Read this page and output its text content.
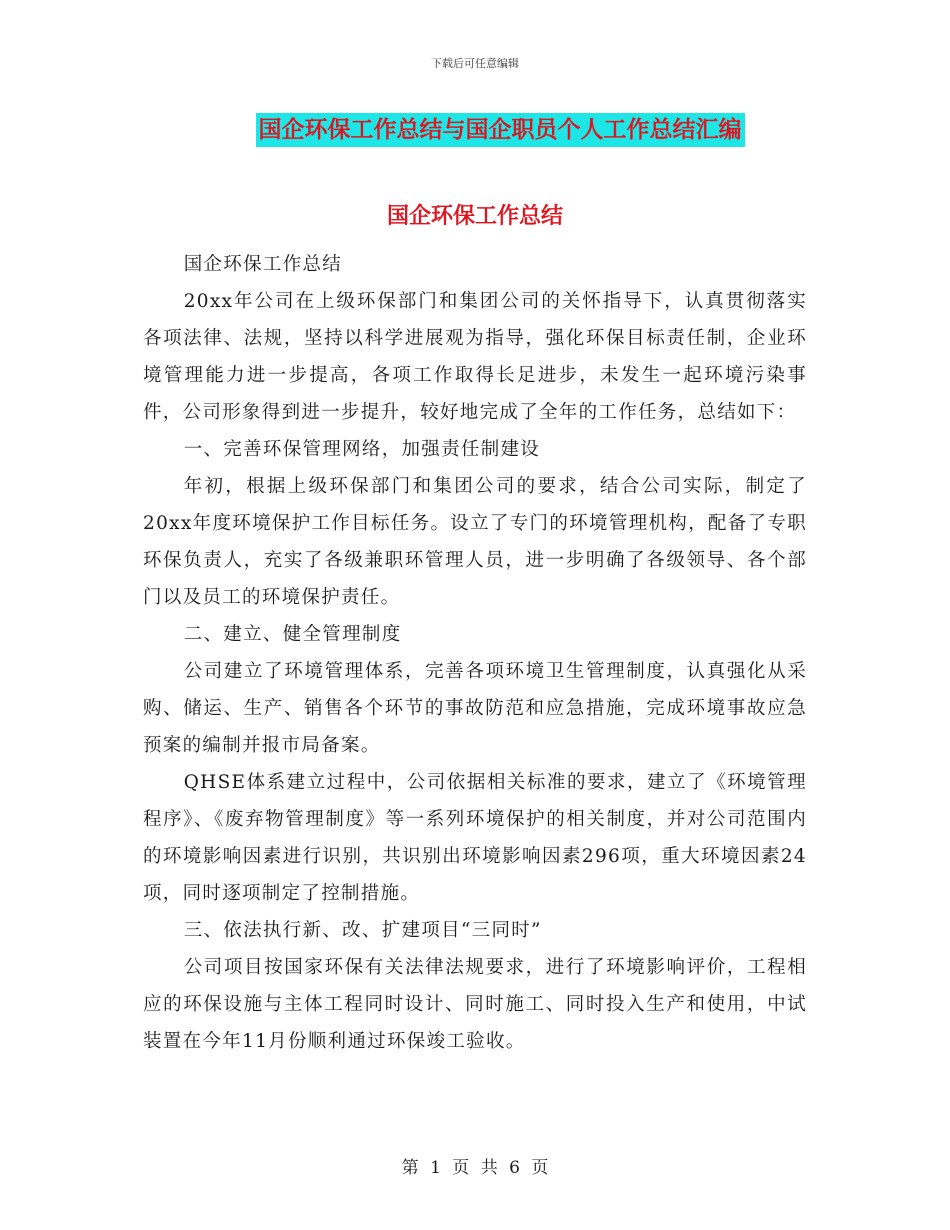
下载后可任意编辑
国企环保工作总结与国企职员个人工作总结汇编
国企环保工作总结

国企环保工作总结

20xx年公司在上级环保部门和集团公司的关怀指导下，认真贯彻落实各项法律、法规，坚持以科学进展观为指导，强化环保目标责任制，企业环境管理能力进一步提高，各项工作取得长足进步，未发生一起环境污染事件，公司形象得到进一步提升，较好地完成了全年的工作任务，总结如下：

一、完善环保管理网络，加强责任制建设

年初，根据上级环保部门和集团公司的要求，结合公司实际，制定了20xx年度环境保护工作目标任务。设立了专门的环境管理机构，配备了专职环保负责人，充实了各级兼职环管理人员，进一步明确了各级领导、各个部门以及员工的环境保护责任。

二、建立、健全管理制度

公司建立了环境管理体系，完善各项环境卫生管理制度，认真强化从采购、储运、生产、销售各个环节的事故防范和应急措施，完成环境事故应急预案的编制并报市局备案。

QHSE体系建立过程中，公司依据相关标准的要求，建立了《环境管理程序》、《废弃物管理制度》等一系列环境保护的相关制度，并对公司范围内的环境影响因素进行识别，共识别出环境影响因素296项，重大环境因素24项，同时逐项制定了控制措施。

三、依法执行新、改、扩建项目“三同时”

公司项目按国家环保有关法律法规要求，进行了环境影响评价，工程相应的环保设施与主体工程同时设计、同时施工、同时投入生产和使用，中试装置在今年11月份顺利通过环保竣工验收。

第 1 页 共 6 页
